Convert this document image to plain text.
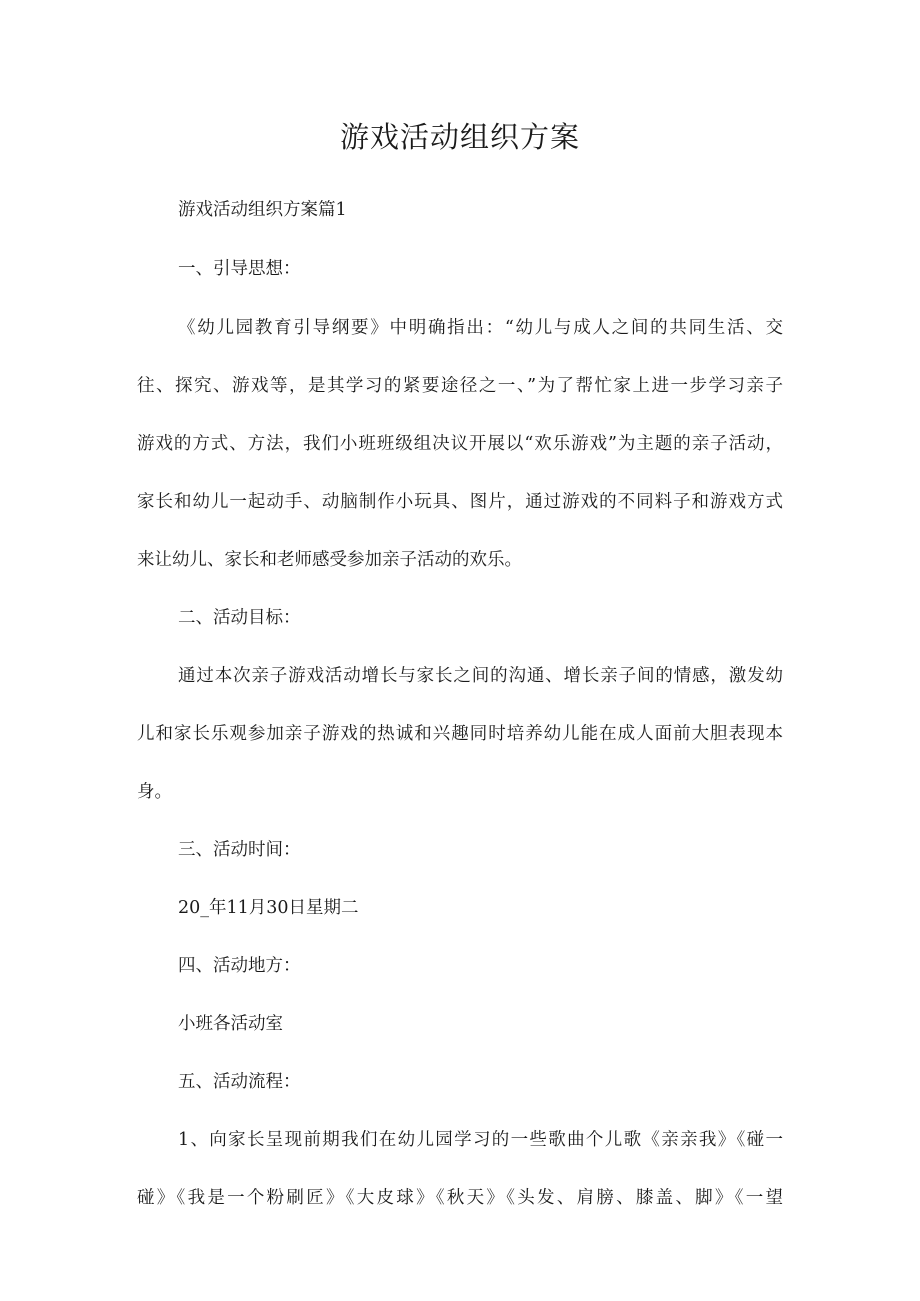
游戏活动组织方案

游戏活动组织方案篇1

一、引导思想：

《幼儿园教育引导纲要》中明确指出：“幼儿与成人之间的共同生活、交

往、探究、游戏等，是其学习的紧要途径之一、”为了帮忙家上进一步学习亲子

游戏的方式、方法，我们小班班级组决议开展以“欢乐游戏”为主题的亲子活动，

家长和幼儿一起动手、动脑制作小玩具、图片，通过游戏的不同料子和游戏方式

来让幼儿、家长和老师感受参加亲子活动的欢乐。

二、活动目标：

通过本次亲子游戏活动增长与家长之间的沟通、增长亲子间的情感，激发幼

儿和家长乐观参加亲子游戏的热诚和兴趣同时培养幼儿能在成人面前大胆表现本

身。

三、活动时间：

20_年11月30日星期二

四、活动地方：

小班各活动室

五、活动流程：

1、向家长呈现前期我们在幼儿园学习的一些歌曲个儿歌《亲亲我》《碰一

碰》《我是一个粉刷匠》《大皮球》《秋天》《头发、肩膀、膝盖、脚》《一望
